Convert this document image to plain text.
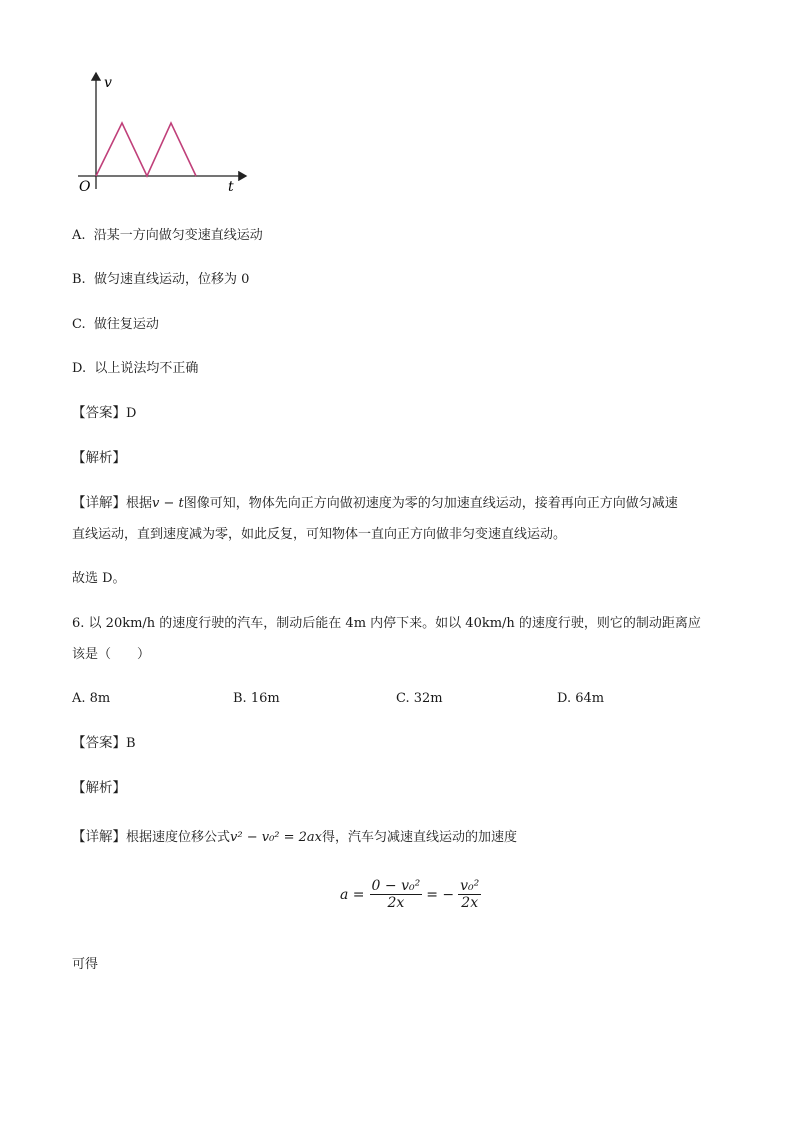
v
t
O
A. 沿某一方向做匀变速直线运动
B. 做匀速直线运动，位移为 0
C. 做往复运动
D. 以上说法均不正确
【答案】D
【解析】
【详解】根据v − t图像可知，物体先向正方向做初速度为零的匀加速直线运动，接着再向正方向做匀减速
直线运动，直到速度减为零，如此反复，可知物体一直向正方向做非匀变速直线运动。
故选 D。
6. 以 20km/h 的速度行驶的汽车，制动后能在 4m 内停下来。如以 40km/h 的速度行驶，则它的制动距离应
该是（　　）
A. 8m	B. 16m	C. 32m	D. 64m
【答案】B
【解析】
【详解】根据速度位移公式v² − v₀² = 2ax得，汽车匀减速直线运动的加速度
a =
0 − v₀²
2x
= −
v₀²
2x
可得
